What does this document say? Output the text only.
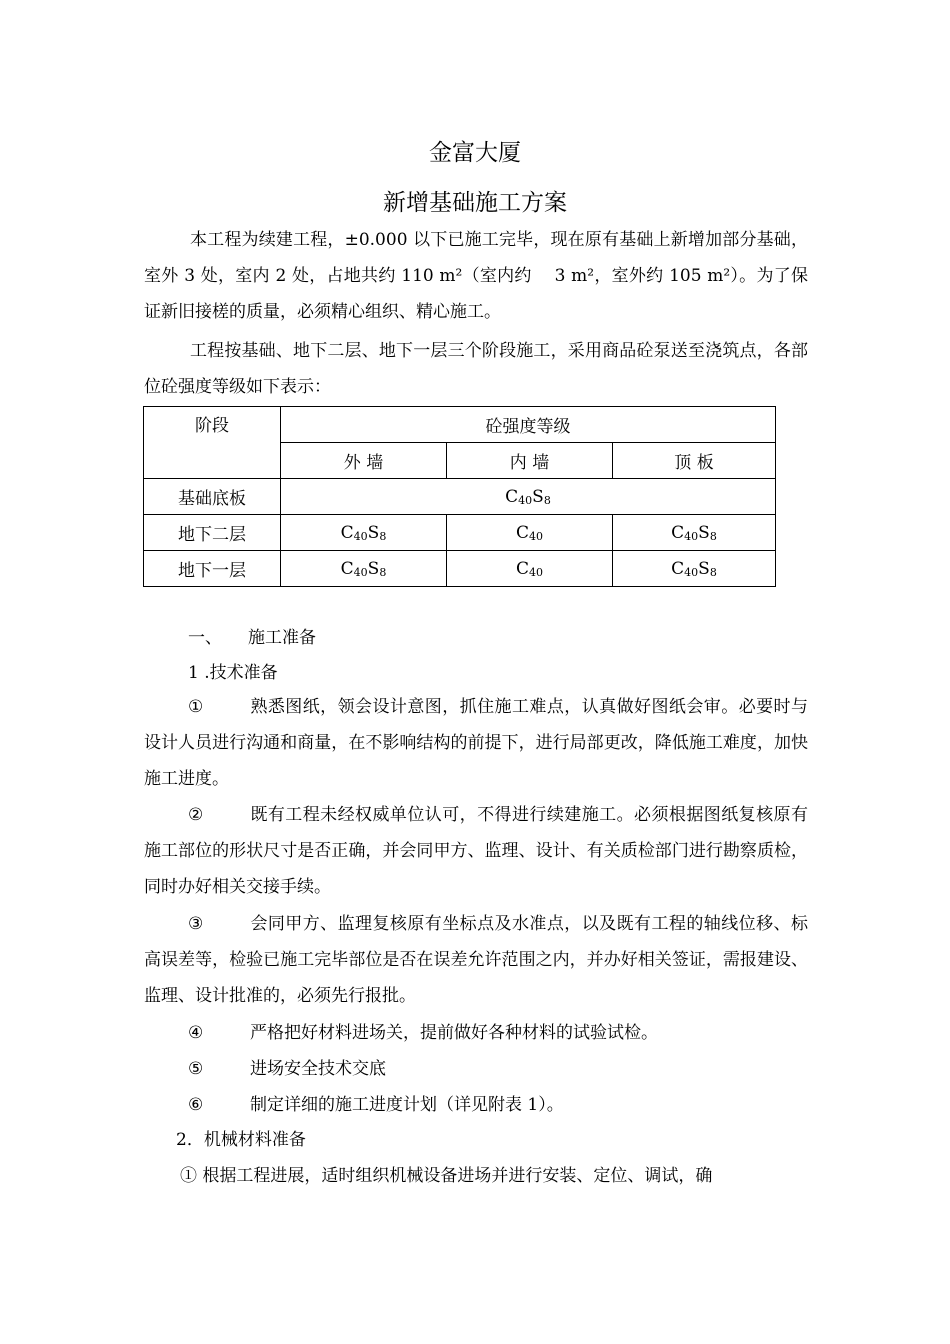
金富大厦
新增基础施工方案
本工程为续建工程，±0.000 以下已施工完毕，现在原有基础上新增加部分基础，室外 3 处，室内 2 处，占地共约 110 m²（室内约　 3 m²，室外约 105 m²）。为了保证新旧接槎的质量，必须精心组织、精心施工。
工程按基础、地下二层、地下一层三个阶段施工，采用商品砼泵送至浇筑点，各部位砼强度等级如下表示：
阶段	砼强度等级		
	外 墙	内 墙	顶 板
基础底板	$C_{40}S_8$
地下二层	$C_{40}S_8$	$C_{40}$	$C_{40}S_8$
地下一层	$C_{40}S_8$	$C_{40}$	$C_{40}S_8$
一、 施工准备
1 .技术准备
①	熟悉图纸，领会设计意图，抓住施工难点，认真做好图纸会审。必要时与设计人员进行沟通和商量，在不影响结构的前提下，进行局部更改，降低施工难度，加快施工进度。
②	既有工程未经权威单位认可，不得进行续建施工。必须根据图纸复核原有施工部位的形状尺寸是否正确，并会同甲方、监理、设计、有关质检部门进行勘察质检，同时办好相关交接手续。
③	会同甲方、监理复核原有坐标点及水准点，以及既有工程的轴线位移、标高误差等，检验已施工完毕部位是否在误差允许范围之内，并办好相关签证，需报建设、监理、设计批准的，必须先行报批。
④	严格把好材料进场关，提前做好各种材料的试验试检。
⑤	进场安全技术交底
⑥	制定详细的施工进度计划（详见附表 1）。
2．机械材料准备
① 根据工程进展，适时组织机械设备进场并进行安装、定位、调试，确
